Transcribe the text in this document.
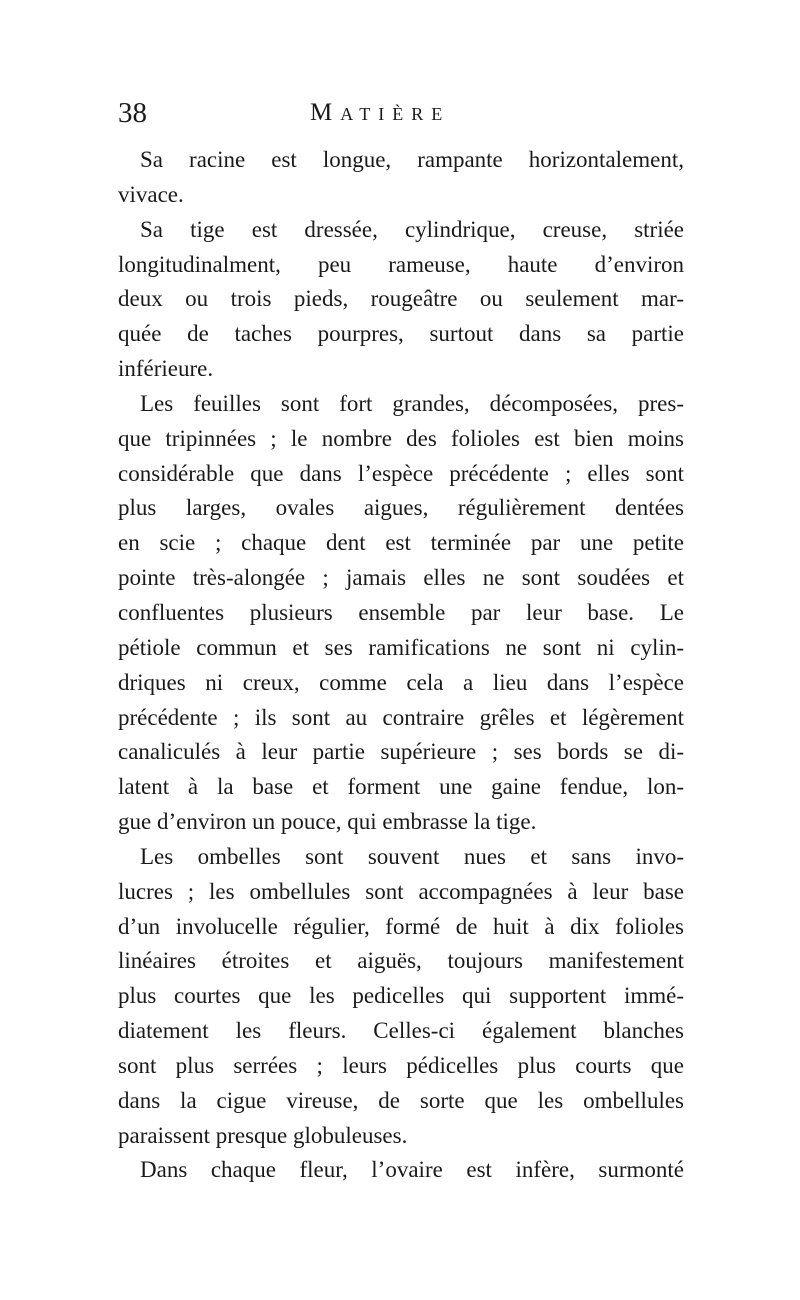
38	Matière
Sa racine est longue, rampante horizontalement,
vivace.
Sa tige est dressée, cylindrique, creuse, striée
longitudinalment, peu rameuse, haute d’environ
deux ou trois pieds, rougeâtre ou seulement mar-
quée de taches pourpres, surtout dans sa partie
inférieure.
Les feuilles sont fort grandes, décomposées, pres-
que tripinnées ; le nombre des folioles est bien moins
considérable que dans l’espèce précédente ; elles sont
plus larges, ovales aigues, régulièrement dentées
en scie ; chaque dent est terminée par une petite
pointe très-alongée ; jamais elles ne sont soudées et
confluentes plusieurs ensemble par leur base. Le
pétiole commun et ses ramifications ne sont ni cylin-
driques ni creux, comme cela a lieu dans l’espèce
précédente ; ils sont au contraire grêles et légèrement
canaliculés à leur partie supérieure ; ses bords se di-
latent à la base et forment une gaine fendue, lon-
gue d’environ un pouce, qui embrasse la tige.
Les ombelles sont souvent nues et sans invo-
lucres ; les ombellules sont accompagnées à leur base
d’un involucelle régulier, formé de huit à dix folioles
linéaires étroites et aiguës, toujours manifestement
plus courtes que les pedicelles qui supportent immé-
diatement les fleurs. Celles-ci également blanches
sont plus serrées ; leurs pédicelles plus courts que
dans la cigue vireuse, de sorte que les ombellules
paraissent presque globuleuses.
Dans chaque fleur, l’ovaire est infère, surmonté
